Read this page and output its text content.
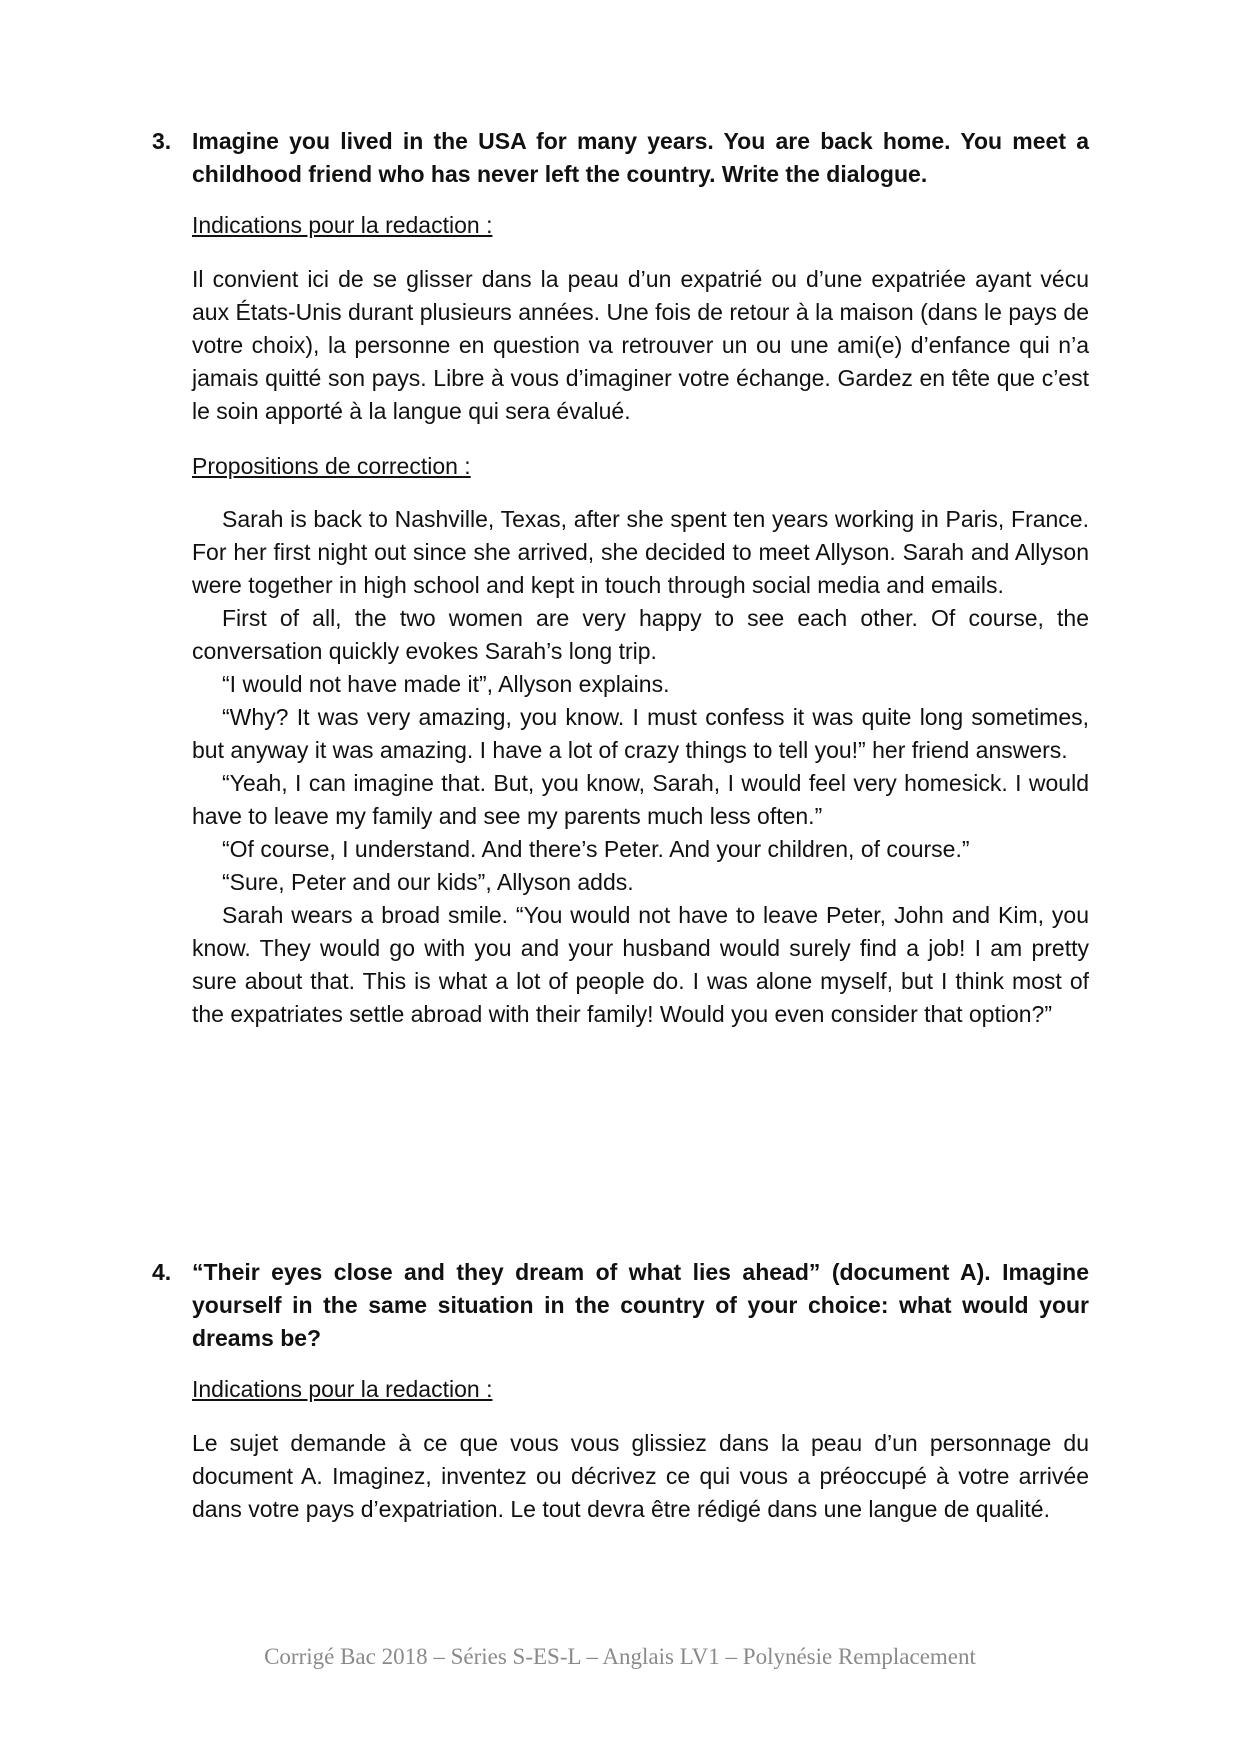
3. Imagine you lived in the USA for many years. You are back home. You meet a childhood friend who has never left the country. Write the dialogue.
Indications pour la redaction :

Il convient ici de se glisser dans la peau d’un expatrié ou d’une expatriée ayant vécu aux États-Unis durant plusieurs années. Une fois de retour à la maison (dans le pays de votre choix), la personne en question va retrouver un ou une ami(e) d’enfance qui n’a jamais quitté son pays. Libre à vous d’imaginer votre échange. Gardez en tête que c’est le soin apporté à la langue qui sera évalué.

Propositions de correction :

Sarah is back to Nashville, Texas, after she spent ten years working in Paris, France. For her first night out since she arrived, she decided to meet Allyson. Sarah and Allyson were together in high school and kept in touch through social media and emails.

First of all, the two women are very happy to see each other. Of course, the conversation quickly evokes Sarah’s long trip.

“I would not have made it”, Allyson explains.

“Why? It was very amazing, you know. I must confess it was quite long sometimes, but anyway it was amazing. I have a lot of crazy things to tell you!” her friend answers.

“Yeah, I can imagine that. But, you know, Sarah, I would feel very homesick. I would have to leave my family and see my parents much less often.”

“Of course, I understand. And there’s Peter. And your children, of course.”

“Sure, Peter and our kids”, Allyson adds.

Sarah wears a broad smile. “You would not have to leave Peter, John and Kim, you know. They would go with you and your husband would surely find a job! I am pretty sure about that. This is what a lot of people do. I was alone myself, but I think most of the expatriates settle abroad with their family! Would you even consider that option?”

4. “Their eyes close and they dream of what lies ahead” (document A). Imagine yourself in the same situation in the country of your choice: what would your dreams be?
Indications pour la redaction :

Le sujet demande à ce que vous vous glissiez dans la peau d’un personnage du document A. Imaginez, inventez ou décrivez ce qui vous a préoccupé à votre arrivée dans votre pays d’expatriation. Le tout devra être rédigé dans une langue de qualité.

Corrigé Bac 2018 – Séries S-ES-L – Anglais LV1 – Polynésie Remplacement
